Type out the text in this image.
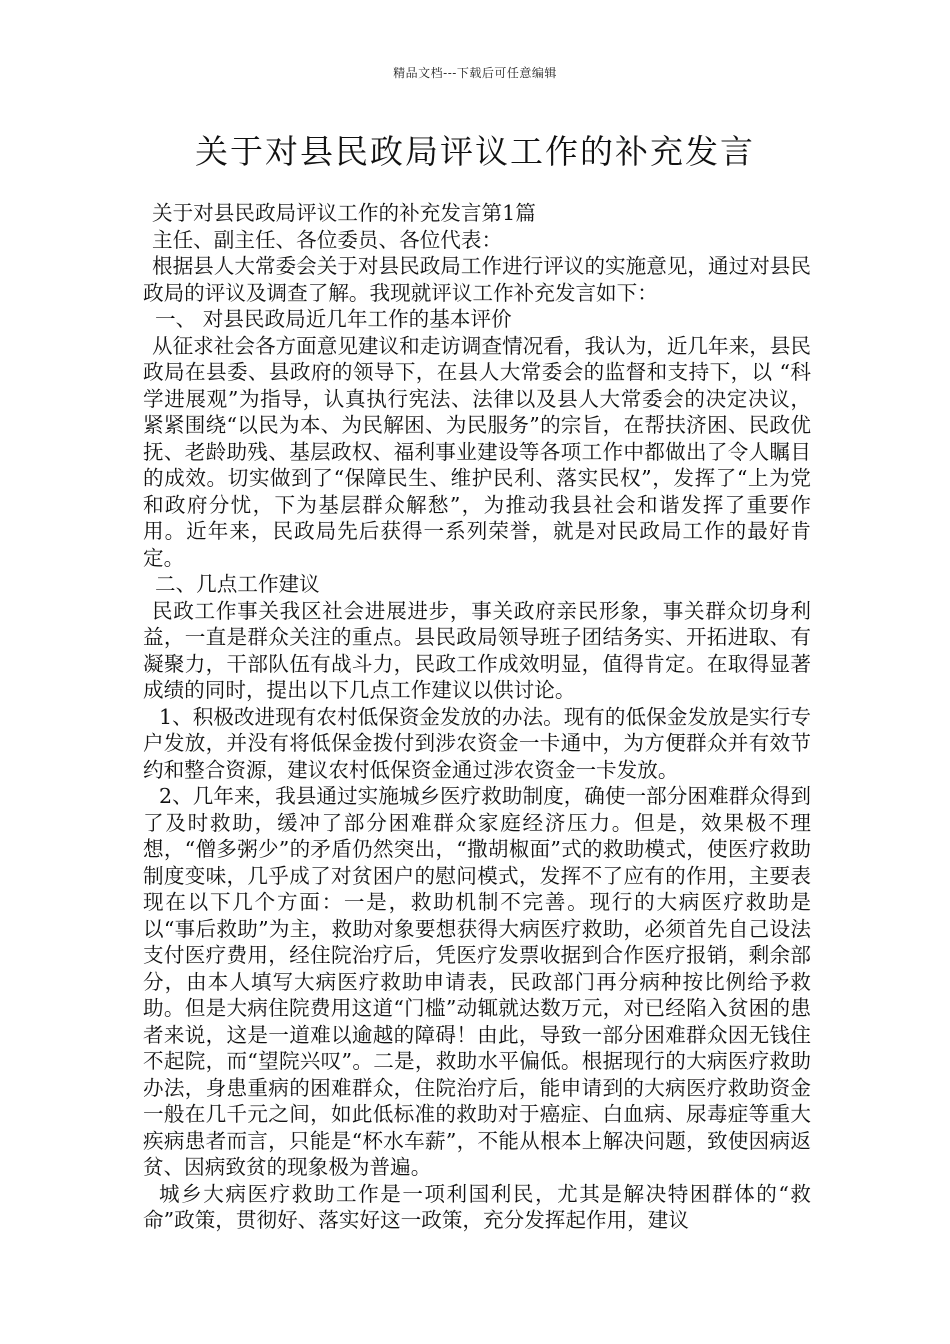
精品文档---下载后可任意编辑
关于对县民政局评议工作的补充发言

关于对县民政局评议工作的补充发言第1篇

主任、副主任、各位委员、各位代表：

根据县人大常委会关于对县民政局工作进行评议的实施意见，通过对县民政局的评议及调查了解。我现就评议工作补充发言如下：

一、 对县民政局近几年工作的基本评价

从征求社会各方面意见建议和走访调查情况看，我认为，近几年来，县民政局在县委、县政府的领导下，在县人大常委会的监督和支持下，以 “科学进展观”为指导，认真执行宪法、法律以及县人大常委会的决定决议，紧紧围绕“以民为本、为民解困、为民服务”的宗旨，在帮扶济困、民政优抚、老龄助残、基层政权、福利事业建设等各项工作中都做出了令人瞩目的成效。切实做到了“保障民生、维护民利、落实民权”，发挥了“上为党和政府分忧，下为基层群众解愁”，为推动我县社会和谐发挥了重要作用。近年来，民政局先后获得一系列荣誉，就是对民政局工作的最好肯定。

二、几点工作建议

民政工作事关我区社会进展进步，事关政府亲民形象，事关群众切身利益，一直是群众关注的重点。县民政局领导班子团结务实、开拓进取、有凝聚力，干部队伍有战斗力，民政工作成效明显，值得肯定。在取得显著成绩的同时，提出以下几点工作建议以供讨论。

1、积极改进现有农村低保资金发放的办法。现有的低保金发放是实行专户发放，并没有将低保金拨付到涉农资金一卡通中，为方便群众并有效节约和整合资源，建议农村低保资金通过涉农资金一卡发放。

2、几年来，我县通过实施城乡医疗救助制度，确使一部分困难群众得到了及时救助，缓冲了部分困难群众家庭经济压力。但是，效果极不理想，“僧多粥少”的矛盾仍然突出，“撒胡椒面”式的救助模式，使医疗救助制度变味，几乎成了对贫困户的慰问模式，发挥不了应有的作用，主要表现在以下几个方面：一是，救助机制不完善。现行的大病医疗救助是以“事后救助”为主，救助对象要想获得大病医疗救助，必须首先自己设法支付医疗费用，经住院治疗后，凭医疗发票收据到合作医疗报销，剩余部分，由本人填写大病医疗救助申请表，民政部门再分病种按比例给予救助。但是大病住院费用这道“门槛”动辄就达数万元，对已经陷入贫困的患者来说，这是一道难以逾越的障碍！由此，导致一部分困难群众因无钱住不起院，而“望院兴叹”。二是，救助水平偏低。根据现行的大病医疗救助办法，身患重病的困难群众，住院治疗后，能申请到的大病医疗救助资金一般在几千元之间，如此低标准的救助对于癌症、白血病、尿毒症等重大疾病患者而言，只能是“杯水车薪”，不能从根本上解决问题，致使因病返贫、因病致贫的现象极为普遍。

城乡大病医疗救助工作是一项利国利民，尤其是解决特困群体的“救命”政策，贯彻好、落实好这一政策，充分发挥起作用，建议
